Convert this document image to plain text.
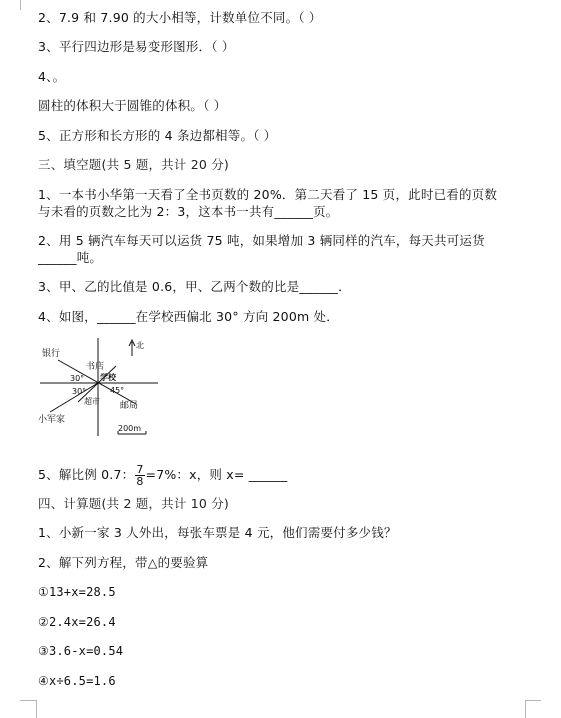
2、7.9 和 7.90 的大小相等，计数单位不同。（ ）
3、平行四边形是易变形图形．（ ）
4、。
圆柱的体积大于圆锥的体积。（ ）
5、正方形和长方形的 4 条边都相等。（ ）
三、填空题(共 5 题，共计 20 分)
1、一本书小华第一天看了全书页数的 20%．第二天看了 15 页，此时已看的页数
与未看的页数之比为 2：3，这本书一共有______页。
2、用 5 辆汽车每天可以运货 75 吨，如果增加 3 辆同样的汽车，每天共可运货
______吨。
3、甲、乙的比值是 0.6，甲、乙两个数的比是______．
4、如图，______在学校西偏北 30° 方向 200m 处．
北
银行
书店
学校
30°
30°	45°
超市 邮局
小军家
200m
5、解比例 0.7： $\frac{7}{8} =7\%$：x，则 x= ______
四、计算题(共 2 题，共计 10 分)
1、小新一家 3 人外出，每张车票是 4 元，他们需要付多少钱？
2、解下列方程，带△的要验算
①13+x=28.5
②2.4x=26.4
③3.6-x=0.54
④x÷6.5=1.6
